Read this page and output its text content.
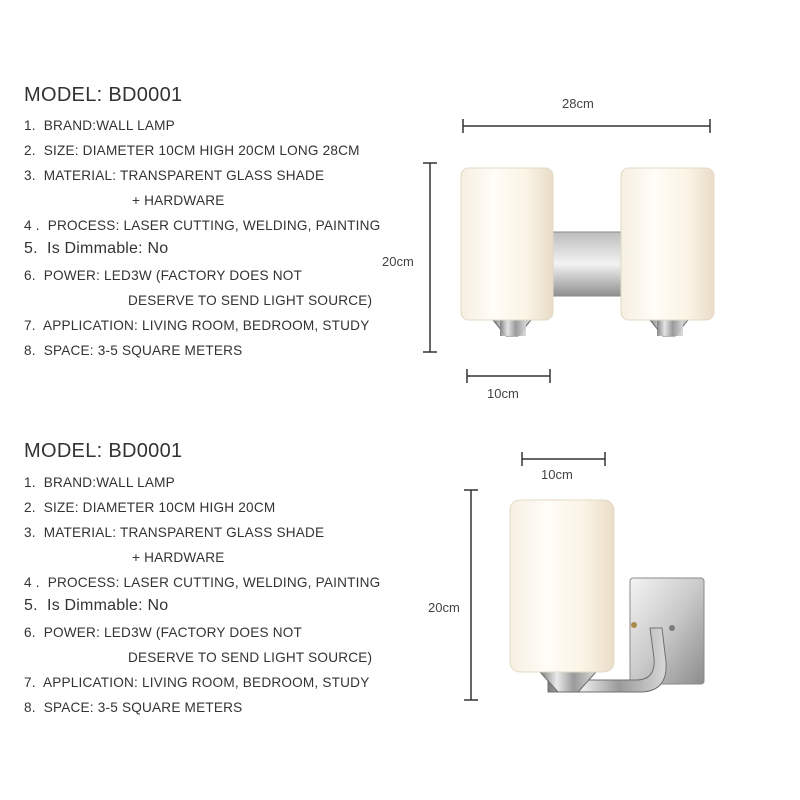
MODEL: BD0001
1. BRAND:WALL LAMP
2. SIZE: DIAMETER 10CM HIGH 20CM LONG 28CM
3. MATERIAL: TRANSPARENT GLASS SHADE
+ HARDWARE
4 . PROCESS: LASER CUTTING, WELDING, PAINTING
5. Is Dimmable: No
6. POWER: LED3W (FACTORY DOES NOT
DESERVE TO SEND LIGHT SOURCE)
7. APPLICATION: LIVING ROOM, BEDROOM, STUDY
8. SPACE: 3-5 SQUARE METERS
28cm
20cm
10cm
MODEL: BD0001
1. BRAND:WALL LAMP
2. SIZE: DIAMETER 10CM HIGH 20CM
3. MATERIAL: TRANSPARENT GLASS SHADE
+ HARDWARE
4 . PROCESS: LASER CUTTING, WELDING, PAINTING
5. Is Dimmable: No
6. POWER: LED3W (FACTORY DOES NOT
DESERVE TO SEND LIGHT SOURCE)
7. APPLICATION: LIVING ROOM, BEDROOM, STUDY
8. SPACE: 3-5 SQUARE METERS
10cm
20cm
